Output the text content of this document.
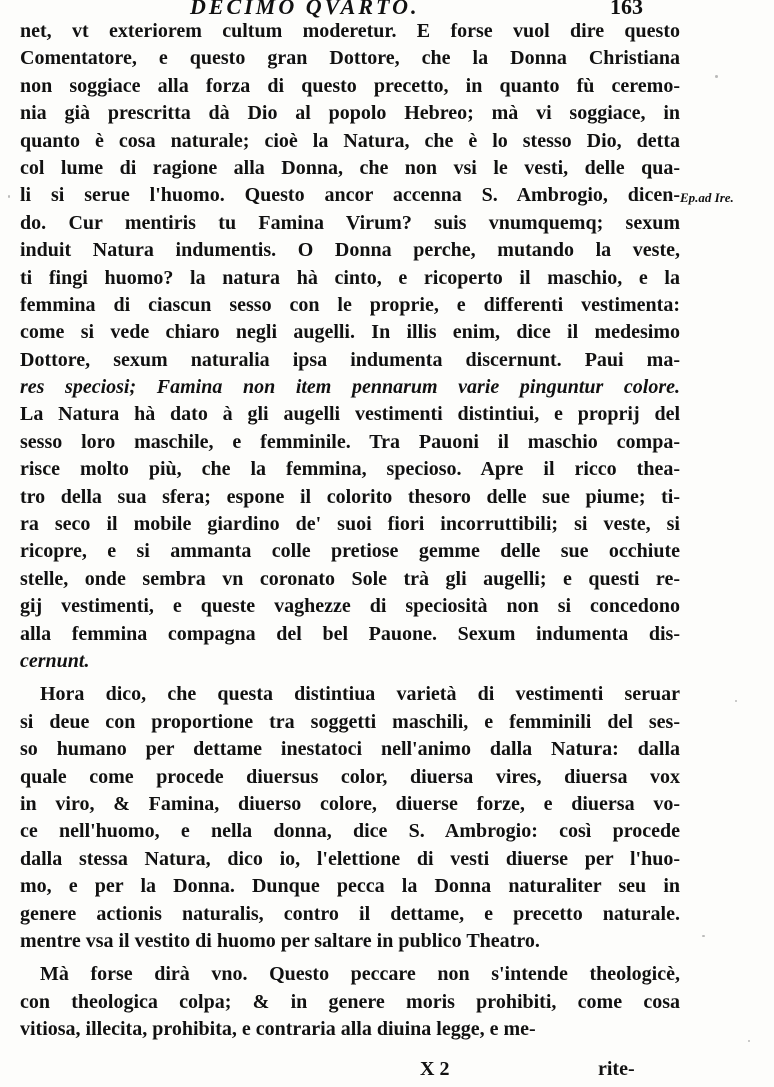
DECIMO QVARTO.	163
Ep.ad Ire.
net, vt exteriorem cultum moderetur. E forse vuol dire questo
Comentatore, e questo gran Dottore, che la Donna Christiana
non soggiace alla forza di questo precetto, in quanto fù ceremo-
nia già prescritta dà Dio al popolo Hebreo; mà vi soggiace, in
quanto è cosa naturale; cioè la Natura, che è lo stesso Dio, detta
col lume di ragione alla Donna, che non vsi le vesti, delle qua-
li si serue l'huomo. Questo ancor accenna S. Ambrogio, dicen-
do. Cur mentiris tu Famina Virum? suis vnumquemq; sexum
induit Natura indumentis. O Donna perche, mutando la veste,
ti fingi huomo? la natura hà cinto, e ricoperto il maschio, e la
femmina di ciascun sesso con le proprie, e differenti vestimenta:
come si vede chiaro negli augelli. In illis enim, dice il medesimo
Dottore, sexum naturalia ipsa indumenta discernunt. Paui ma-
res speciosi; Famina non item pennarum varie pinguntur colore.
La Natura hà dato à gli augelli vestimenti distintiui, e proprij del
sesso loro maschile, e femminile. Tra Pauoni il maschio compa-
risce molto più, che la femmina, specioso. Apre il ricco thea-
tro della sua sfera; espone il colorito thesoro delle sue piume; ti-
ra seco il mobile giardino de' suoi fiori incorruttibili; si veste, si
ricopre, e si ammanta colle pretiose gemme delle sue occhiute
stelle, onde sembra vn coronato Sole trà gli augelli; e questi re-
gij vestimenti, e queste vaghezze di speciosità non si concedono
alla femmina compagna del bel Pauone. Sexum indumenta dis-
cernunt.
Hora dico, che questa distintiua varietà di vestimenti seruar
si deue con proportione tra soggetti maschili, e femminili del ses-
so humano per dettame inestatoci nell'animo dalla Natura: dalla
quale come procede diuersus color, diuersa vires, diuersa vox
in viro, & Famina, diuerso colore, diuerse forze, e diuersa vo-
ce nell'huomo, e nella donna, dice S. Ambrogio: così procede
dalla stessa Natura, dico io, l'elettione di vesti diuerse per l'huo-
mo, e per la Donna. Dunque pecca la Donna naturaliter seu in
genere actionis naturalis, contro il dettame, e precetto naturale.
mentre vsa il vestito di huomo per saltare in publico Theatro.
Mà forse dirà vno. Questo peccare non s'intende theologicè,
con theologica colpa; & in genere moris prohibiti, come cosa
vitiosa, illecita, prohibita, e contraria alla diuina legge, e me-
X 2	rite-
